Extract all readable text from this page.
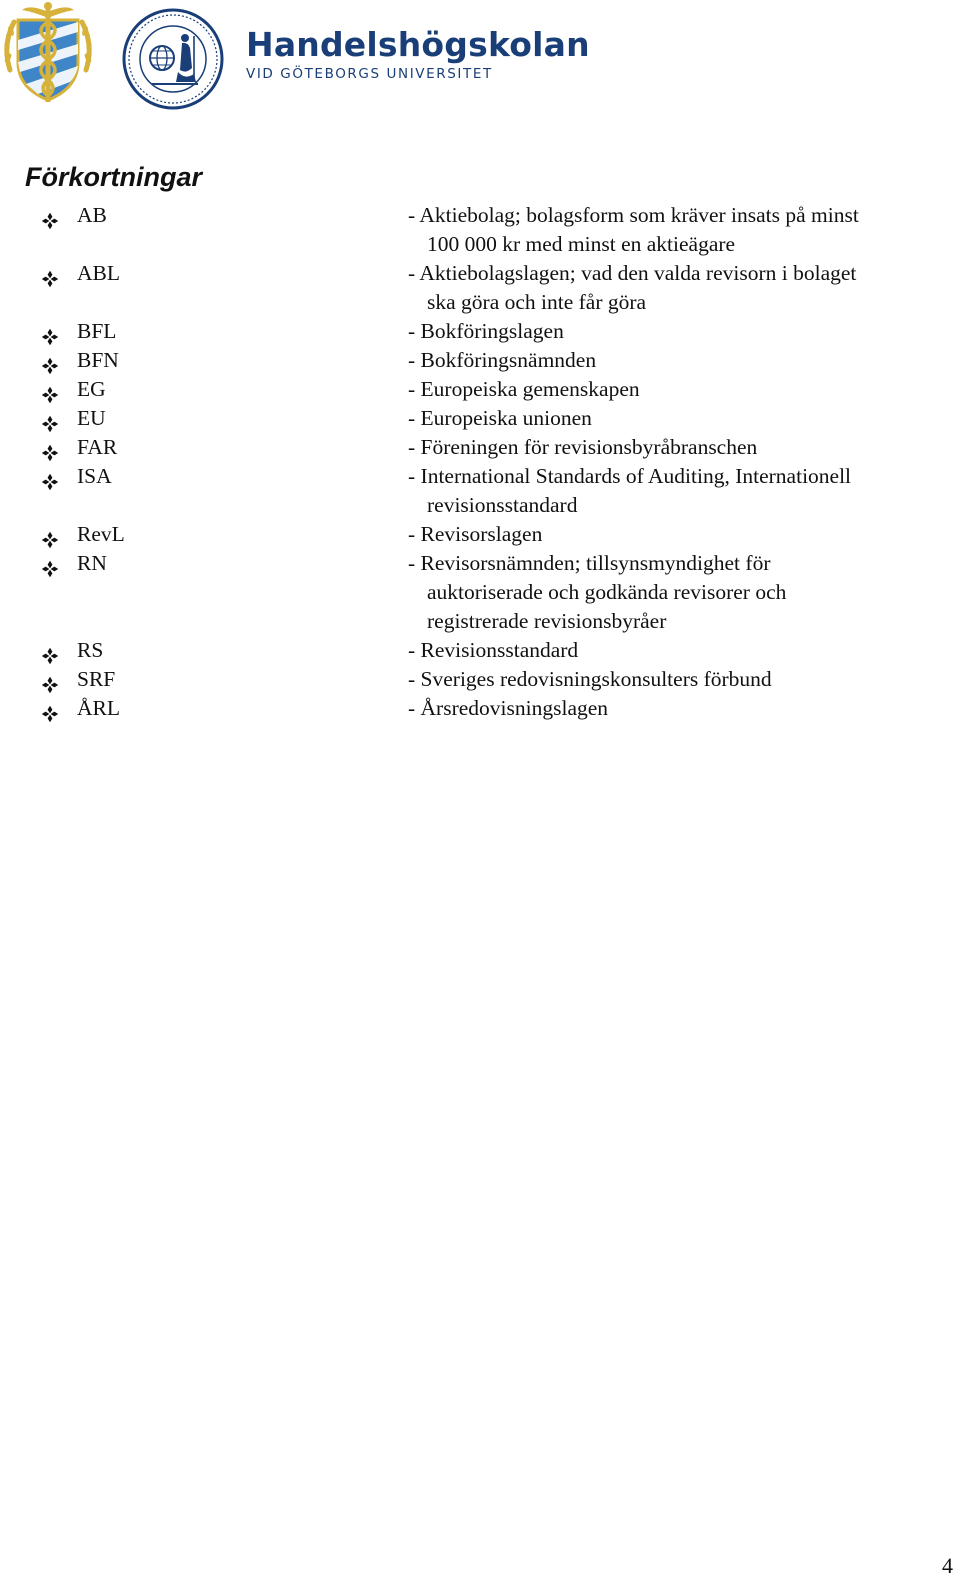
Handelshögskolan
VID GÖTEBORGS UNIVERSITET
Förkortningar
AB	- Aktiebolag; bolagsform som kräver insats på minst
100 000 kr med minst en aktieägare
ABL	- Aktiebolagslagen; vad den valda revisorn i bolaget
ska göra och inte får göra
BFL	- Bokföringslagen
BFN	- Bokföringsnämnden
EG	- Europeiska gemenskapen
EU	- Europeiska unionen
FAR	- Föreningen för revisionsbyråbranschen
ISA	- International Standards of Auditing, Internationell
revisionsstandard
RevL	- Revisorslagen
RN	- Revisorsnämnden; tillsynsmyndighet för
auktoriserade och godkända revisorer och
registrerade revisionsbyråer
RS	- Revisionsstandard
SRF	- Sveriges redovisningskonsulters förbund
ÅRL	- Årsredovisningslagen
4
